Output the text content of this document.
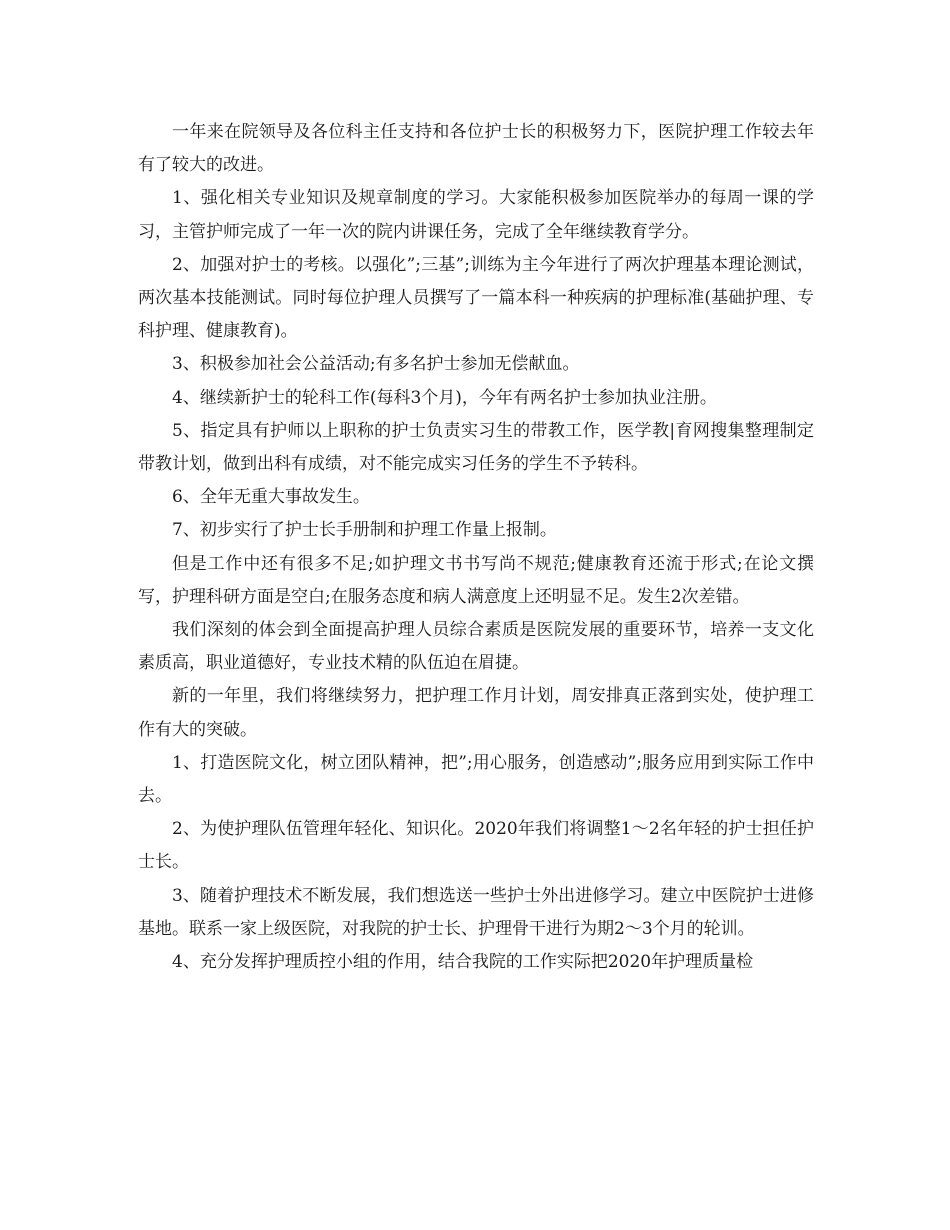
一年来在院领导及各位科主任支持和各位护士长的积极努力下，医院护理工作较去年有了较大的改进。

1、强化相关专业知识及规章制度的学习。大家能积极参加医院举办的每周一课的学习，主管护师完成了一年一次的院内讲课任务，完成了全年继续教育学分。

2、加强对护士的考核。以强化”;三基”;训练为主今年进行了两次护理基本理论测试，两次基本技能测试。同时每位护理人员撰写了一篇本科一种疾病的护理标准(基础护理、专科护理、健康教育)。

3、积极参加社会公益活动;有多名护士参加无偿献血。

4、继续新护士的轮科工作(每科3个月)，今年有两名护士参加执业注册。

5、指定具有护师以上职称的护士负责实习生的带教工作，医学教|育网搜集整理制定带教计划，做到出科有成绩，对不能完成实习任务的学生不予转科。

6、全年无重大事故发生。

7、初步实行了护士长手册制和护理工作量上报制。

但是工作中还有很多不足;如护理文书书写尚不规范;健康教育还流于形式;在论文撰写，护理科研方面是空白;在服务态度和病人满意度上还明显不足。发生2次差错。

我们深刻的体会到全面提高护理人员综合素质是医院发展的重要环节，培养一支文化素质高，职业道德好，专业技术精的队伍迫在眉捷。

新的一年里，我们将继续努力，把护理工作月计划，周安排真正落到实处，使护理工作有大的突破。

1、打造医院文化，树立团队精神，把”;用心服务，创造感动”;服务应用到实际工作中去。

2、为使护理队伍管理年轻化、知识化。2020年我们将调整1～2名年轻的护士担任护士长。

3、随着护理技术不断发展，我们想选送一些护士外出进修学习。建立中医院护士进修基地。联系一家上级医院，对我院的护士长、护理骨干进行为期2～3个月的轮训。

4、充分发挥护理质控小组的作用，结合我院的工作实际把2020年护理质量检
